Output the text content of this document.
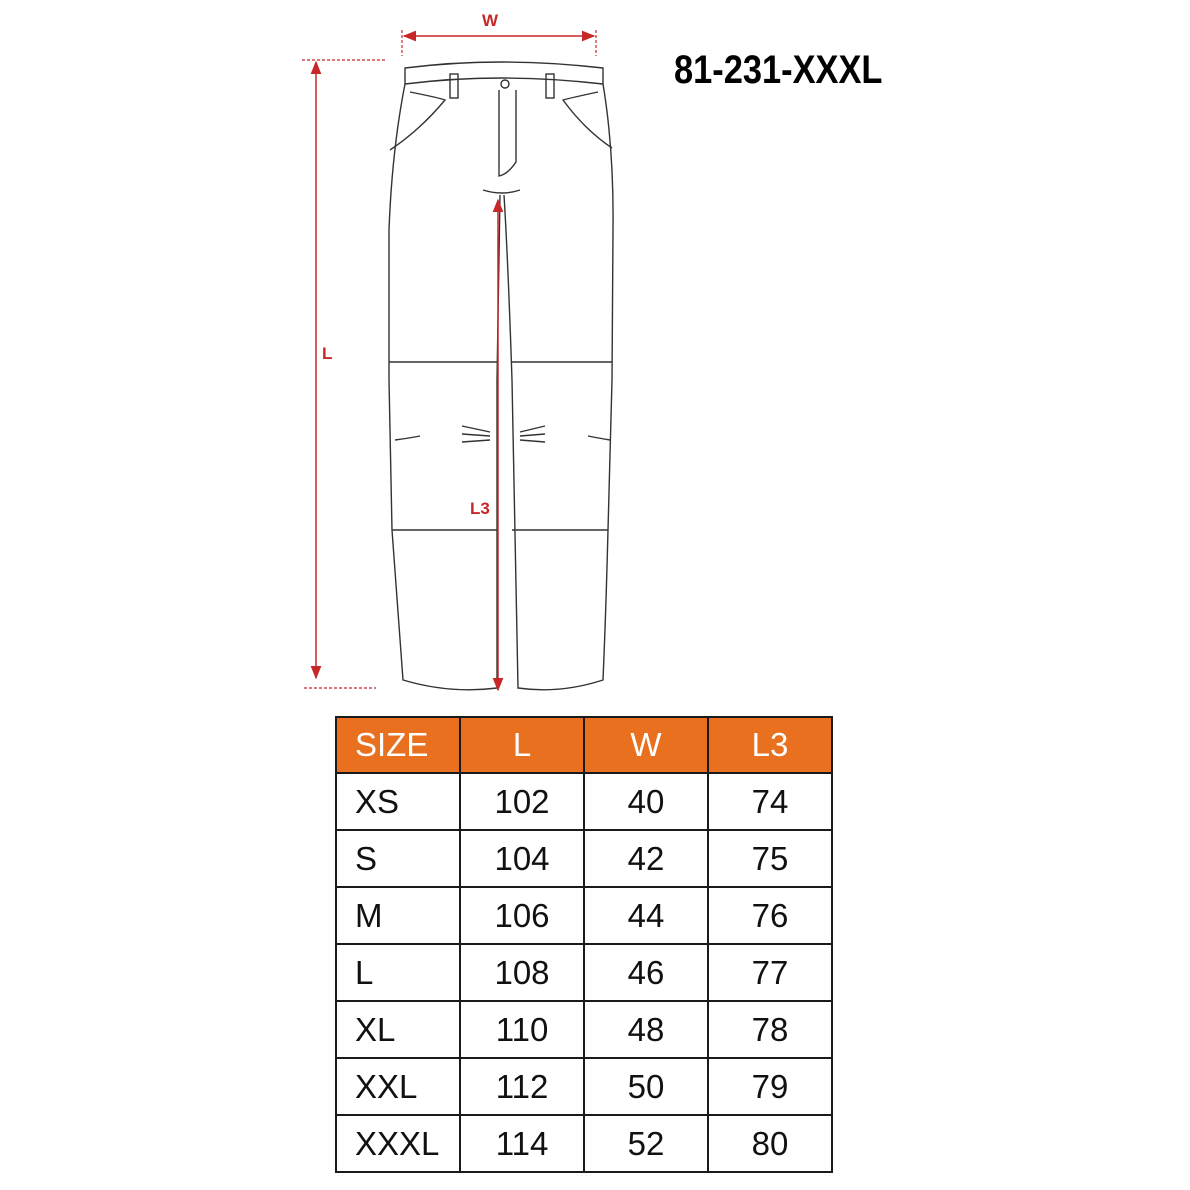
W
L
L3
81-231-XXXL
SIZE	L	W	L3
XS	102	40	74
S	104	42	75
M	106	44	76
L	108	46	77
XL	110	48	78
XXL	112	50	79
XXXL	114	52	80
